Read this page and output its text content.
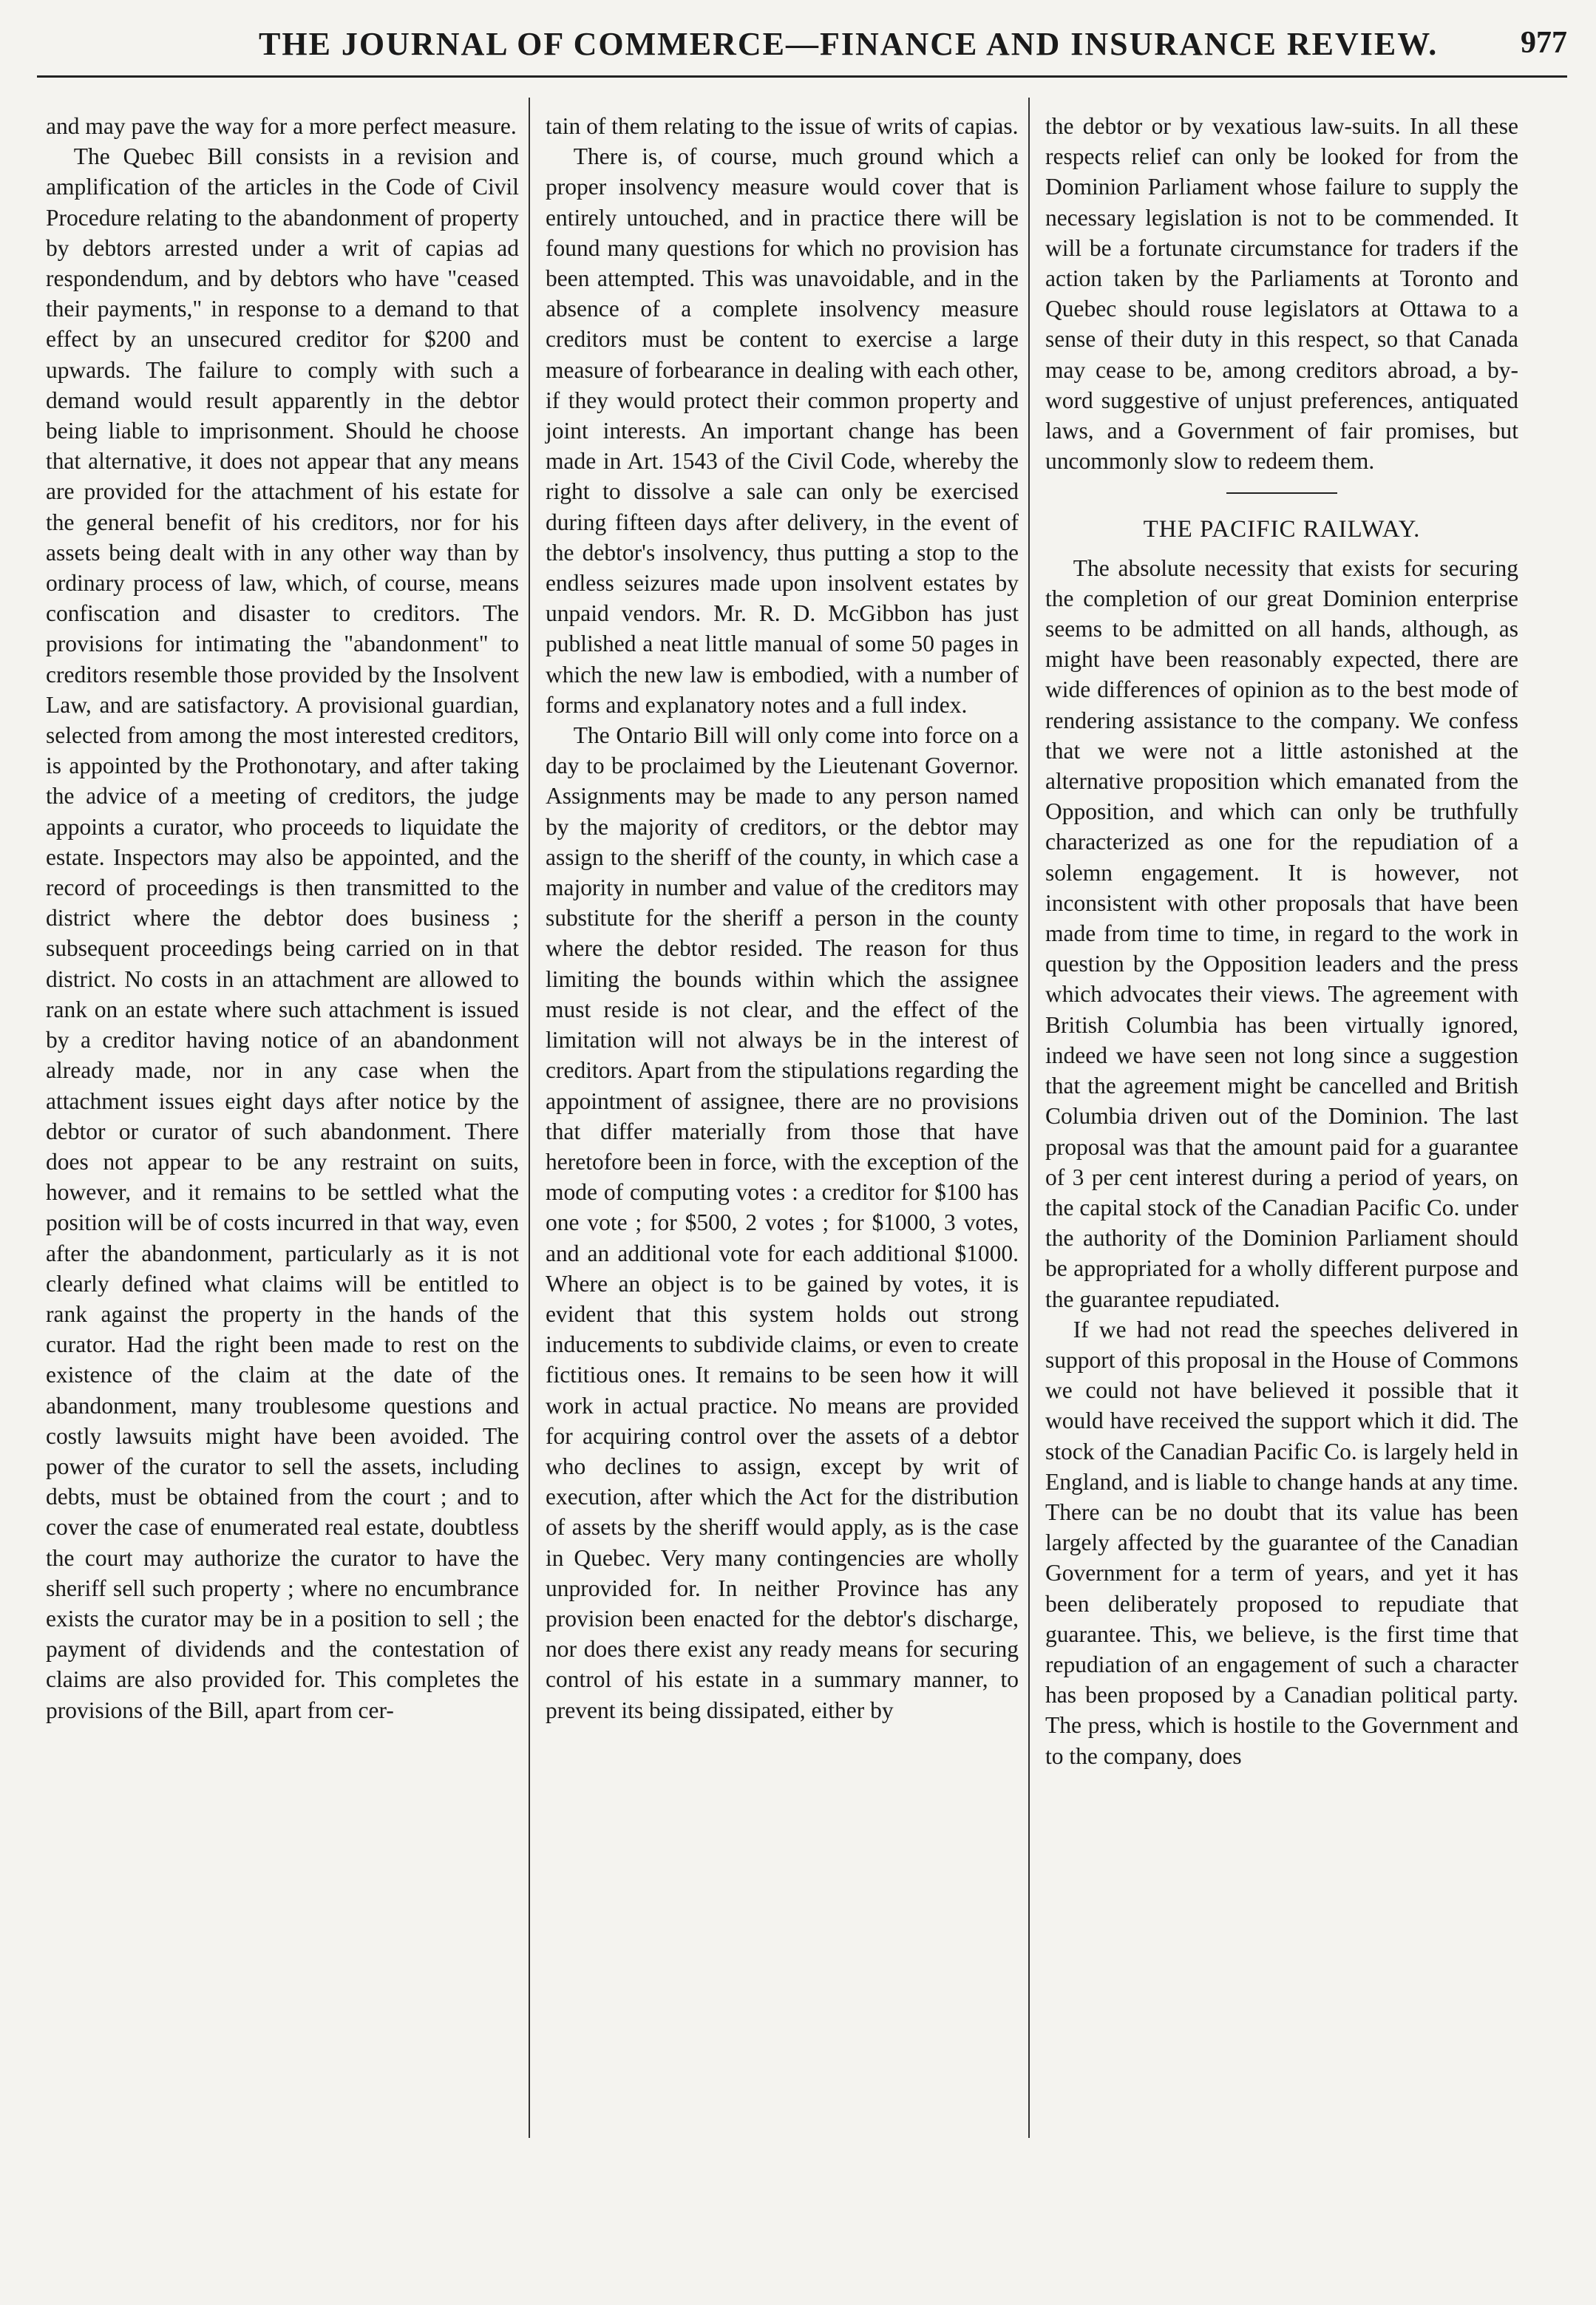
THE JOURNAL OF COMMERCE—FINANCE AND INSURANCE REVIEW.	977

and may pave the way for a more perfect measure.

The Quebec Bill consists in a revision and amplification of the articles in the Code of Civil Procedure relating to the abandonment of property by debtors arrested under a writ of capias ad respondendum, and by debtors who have "ceased their payments," in response to a demand to that effect by an unsecured creditor for $200 and upwards. The failure to comply with such a demand would result apparently in the debtor being liable to imprisonment. Should he choose that alternative, it does not appear that any means are provided for the attachment of his estate for the general benefit of his creditors, nor for his assets being dealt with in any other way than by ordinary process of law, which, of course, means confiscation and disaster to creditors. The provisions for intimating the "abandonment" to creditors resemble those provided by the Insolvent Law, and are satisfactory. A provisional guardian, selected from among the most interested creditors, is appointed by the Prothonotary, and after taking the advice of a meeting of creditors, the judge appoints a curator, who proceeds to liquidate the estate. Inspectors may also be appointed, and the record of proceedings is then transmitted to the district where the debtor does business ; subsequent proceedings being carried on in that district. No costs in an attachment are allowed to rank on an estate where such attachment is issued by a creditor having notice of an abandonment already made, nor in any case when the attachment issues eight days after notice by the debtor or curator of such abandonment. There does not appear to be any restraint on suits, however, and it remains to be settled what the position will be of costs incurred in that way, even after the abandonment, particularly as it is not clearly defined what claims will be entitled to rank against the property in the hands of the curator. Had the right been made to rest on the existence of the claim at the date of the abandonment, many troublesome questions and costly lawsuits might have been avoided. The power of the curator to sell the assets, including debts, must be obtained from the court ; and to cover the case of enumerated real estate, doubtless the court may authorize the curator to have the sheriff sell such property ; where no encumbrance exists the curator may be in a position to sell ; the payment of dividends and the contestation of claims are also provided for. This completes the provisions of the Bill, apart from cer-

tain of them relating to the issue of writs of capias.

There is, of course, much ground which a proper insolvency measure would cover that is entirely untouched, and in practice there will be found many questions for which no provision has been attempted. This was unavoidable, and in the absence of a complete insolvency measure creditors must be content to exercise a large measure of forbearance in dealing with each other, if they would protect their common property and joint interests. An important change has been made in Art. 1543 of the Civil Code, whereby the right to dissolve a sale can only be exercised during fifteen days after delivery, in the event of the debtor's insolvency, thus putting a stop to the endless seizures made upon insolvent estates by unpaid vendors. Mr. R. D. McGibbon has just published a neat little manual of some 50 pages in which the new law is embodied, with a number of forms and explanatory notes and a full index.

The Ontario Bill will only come into force on a day to be proclaimed by the Lieutenant Governor. Assignments may be made to any person named by the majority of creditors, or the debtor may assign to the sheriff of the county, in which case a majority in number and value of the creditors may substitute for the sheriff a person in the county where the debtor resided. The reason for thus limiting the bounds within which the assignee must reside is not clear, and the effect of the limitation will not always be in the interest of creditors. Apart from the stipulations regarding the appointment of assignee, there are no provisions that differ materially from those that have heretofore been in force, with the exception of the mode of computing votes : a creditor for $100 has one vote ; for $500, 2 votes ; for $1000, 3 votes, and an additional vote for each additional $1000. Where an object is to be gained by votes, it is evident that this system holds out strong inducements to subdivide claims, or even to create fictitious ones. It remains to be seen how it will work in actual practice. No means are provided for acquiring control over the assets of a debtor who declines to assign, except by writ of execution, after which the Act for the distribution of assets by the sheriff would apply, as is the case in Quebec. Very many contingencies are wholly unprovided for. In neither Province has any provision been enacted for the debtor's discharge, nor does there exist any ready means for securing control of his estate in a summary manner, to prevent its being dissipated, either by

the debtor or by vexatious law-suits. In all these respects relief can only be looked for from the Dominion Parliament whose failure to supply the necessary legislation is not to be commended. It will be a fortunate circumstance for traders if the action taken by the Parliaments at Toronto and Quebec should rouse legislators at Ottawa to a sense of their duty in this respect, so that Canada may cease to be, among creditors abroad, a by-word suggestive of unjust preferences, antiquated laws, and a Government of fair promises, but uncommonly slow to redeem them.

THE PACIFIC RAILWAY.

The absolute necessity that exists for securing the completion of our great Dominion enterprise seems to be admitted on all hands, although, as might have been reasonably expected, there are wide differences of opinion as to the best mode of rendering assistance to the company. We confess that we were not a little astonished at the alternative proposition which emanated from the Opposition, and which can only be truthfully characterized as one for the repudiation of a solemn engagement. It is however, not inconsistent with other proposals that have been made from time to time, in regard to the work in question by the Opposition leaders and the press which advocates their views. The agreement with British Columbia has been virtually ignored, indeed we have seen not long since a suggestion that the agreement might be cancelled and British Columbia driven out of the Dominion. The last proposal was that the amount paid for a guarantee of 3 per cent interest during a period of years, on the capital stock of the Canadian Pacific Co. under the authority of the Dominion Parliament should be appropriated for a wholly different purpose and the guarantee repudiated.

If we had not read the speeches delivered in support of this proposal in the House of Commons we could not have believed it possible that it would have received the support which it did. The stock of the Canadian Pacific Co. is largely held in England, and is liable to change hands at any time. There can be no doubt that its value has been largely affected by the guarantee of the Canadian Government for a term of years, and yet it has been deliberately proposed to repudiate that guarantee. This, we believe, is the first time that repudiation of an engagement of such a character has been proposed by a Canadian political party. The press, which is hostile to the Government and to the company, does
